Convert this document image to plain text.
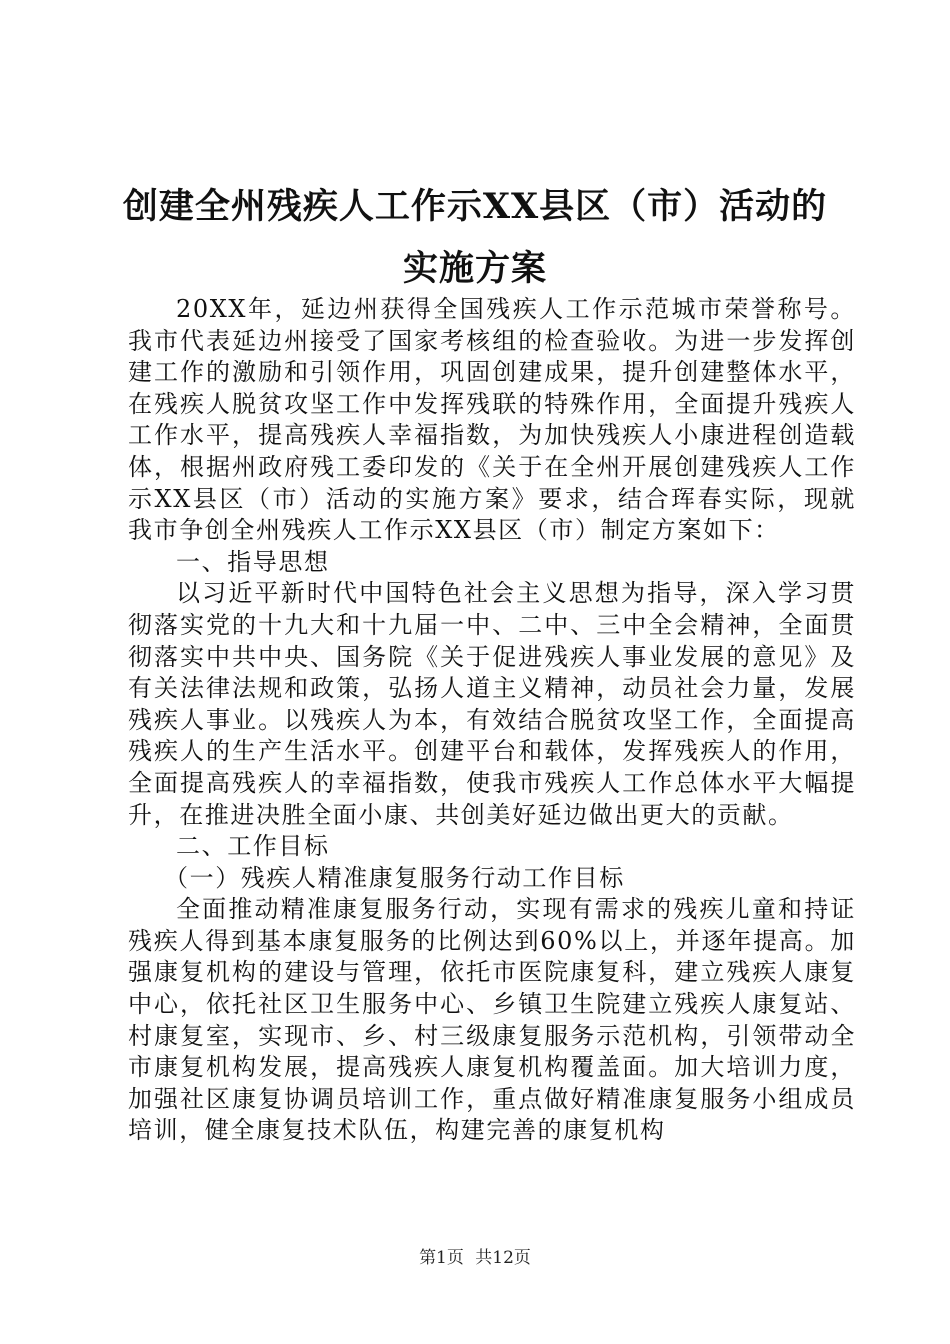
创建全州残疾人工作示XX县区（市）活动的
实施方案

20XX年，延边州获得全国残疾人工作示范城市荣誉称号。我市代表延边州接受了国家考核组的检查验收。为进一步发挥创建工作的激励和引领作用，巩固创建成果，提升创建整体水平，在残疾人脱贫攻坚工作中发挥残联的特殊作用，全面提升残疾人工作水平，提高残疾人幸福指数，为加快残疾人小康进程创造载体，根据州政府残工委印发的《关于在全州开展创建残疾人工作示XX县区（市）活动的实施方案》要求，结合珲春实际，现就我市争创全州残疾人工作示XX县区（市）制定方案如下：

一、指导思想

以习近平新时代中国特色社会主义思想为指导，深入学习贯彻落实党的十九大和十九届一中、二中、三中全会精神，全面贯彻落实中共中央、国务院《关于促进残疾人事业发展的意见》及有关法律法规和政策，弘扬人道主义精神，动员社会力量，发展残疾人事业。以残疾人为本，有效结合脱贫攻坚工作，全面提高残疾人的生产生活水平。创建平台和载体，发挥残疾人的作用，全面提高残疾人的幸福指数，使我市残疾人工作总体水平大幅提升，在推进决胜全面小康、共创美好延边做出更大的贡献。

二、工作目标

（一）残疾人精准康复服务行动工作目标

全面推动精准康复服务行动，实现有需求的残疾儿童和持证残疾人得到基本康复服务的比例达到60%以上，并逐年提高。加强康复机构的建设与管理，依托市医院康复科，建立残疾人康复中心，依托社区卫生服务中心、乡镇卫生院建立残疾人康复站、村康复室，实现市、乡、村三级康复服务示范机构，引领带动全市康复机构发展，提高残疾人康复机构覆盖面。加大培训力度，加强社区康复协调员培训工作，重点做好精准康复服务小组成员培训，健全康复技术队伍，构建完善的康复机构

第1页 共12页
